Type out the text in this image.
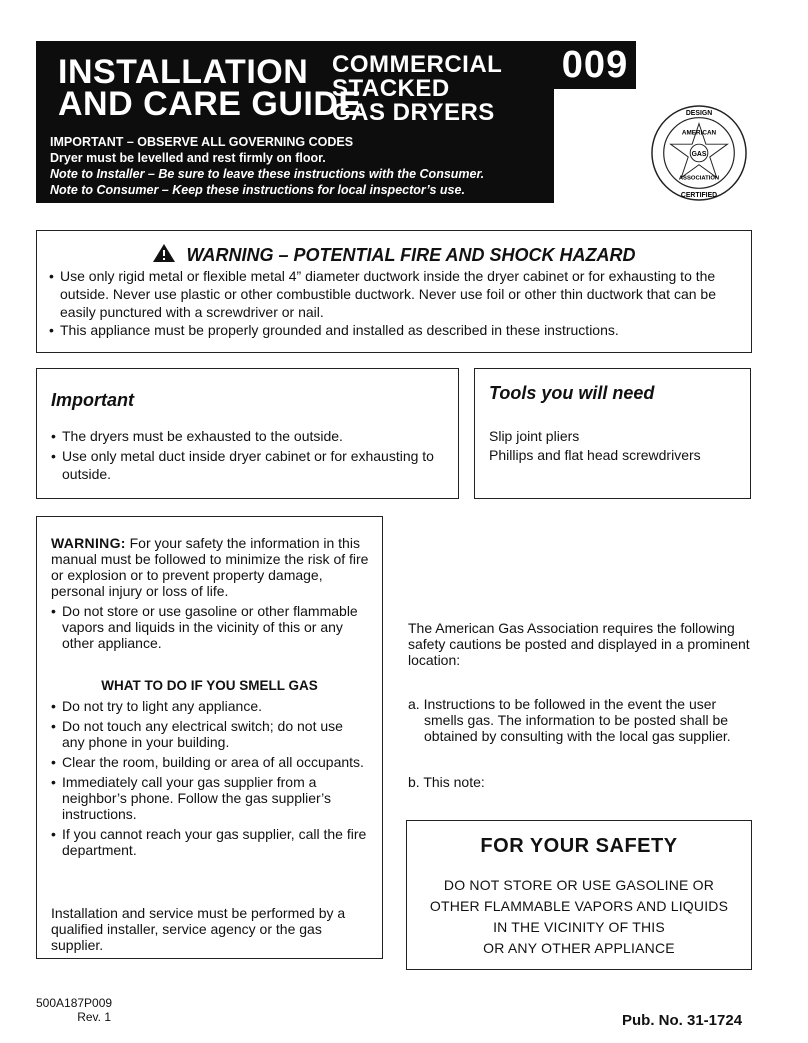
INSTALLATION
AND CARE GUIDE
COMMERCIAL
STACKED
GAS DRYERS
IMPORTANT – OBSERVE ALL GOVERNING CODES
Dryer must be levelled and rest firmly on floor.
Note to Installer – Be sure to leave these instructions with the Consumer.
Note to Consumer – Keep these instructions for local inspector’s use.
009
GAS
DESIGN
AMERICAN
ASSOCIATION
CERTIFIED
WARNING – POTENTIAL FIRE AND SHOCK HAZARD
• Use only rigid metal or flexible metal 4” diameter ductwork inside the dryer cabinet or for exhausting to the outside. Never use plastic or other combustible ductwork. Never use foil or other thin ductwork that can be easily punctured with a screwdriver or nail.
• This appliance must be properly grounded and installed as described in these instructions.
Important
• The dryers must be exhausted to the outside.
• Use only metal duct inside dryer cabinet or for exhausting to outside.
Tools you will need
Slip joint pliers
Phillips and flat head screwdrivers
WARNING: For your safety the information in this manual must be followed to minimize the risk of fire or explosion or to prevent property damage, personal injury or loss of life.
• Do not store or use gasoline or other flammable vapors and liquids in the vicinity of this or any other appliance.
WHAT TO DO IF YOU SMELL GAS
• Do not try to light any appliance.
• Do not touch any electrical switch; do not use any phone in your building.
• Clear the room, building or area of all occupants.
• Immediately call your gas supplier from a neighbor’s phone. Follow the gas supplier’s instructions.
• If you cannot reach your gas supplier, call the fire department.
Installation and service must be performed by a qualified installer, service agency or the gas supplier.
The American Gas Association requires the following safety cautions be posted and displayed in a prominent location:
a. Instructions to be followed in the event the user smells gas. The information to be posted shall be obtained by consulting with the local gas supplier.
b. This note:
FOR YOUR SAFETY
DO NOT STORE OR USE GASOLINE OR
OTHER FLAMMABLE VAPORS AND LIQUIDS
IN THE VICINITY OF THIS
OR ANY OTHER APPLIANCE
500A187P009
Rev. 1	Pub. No. 31-1724
